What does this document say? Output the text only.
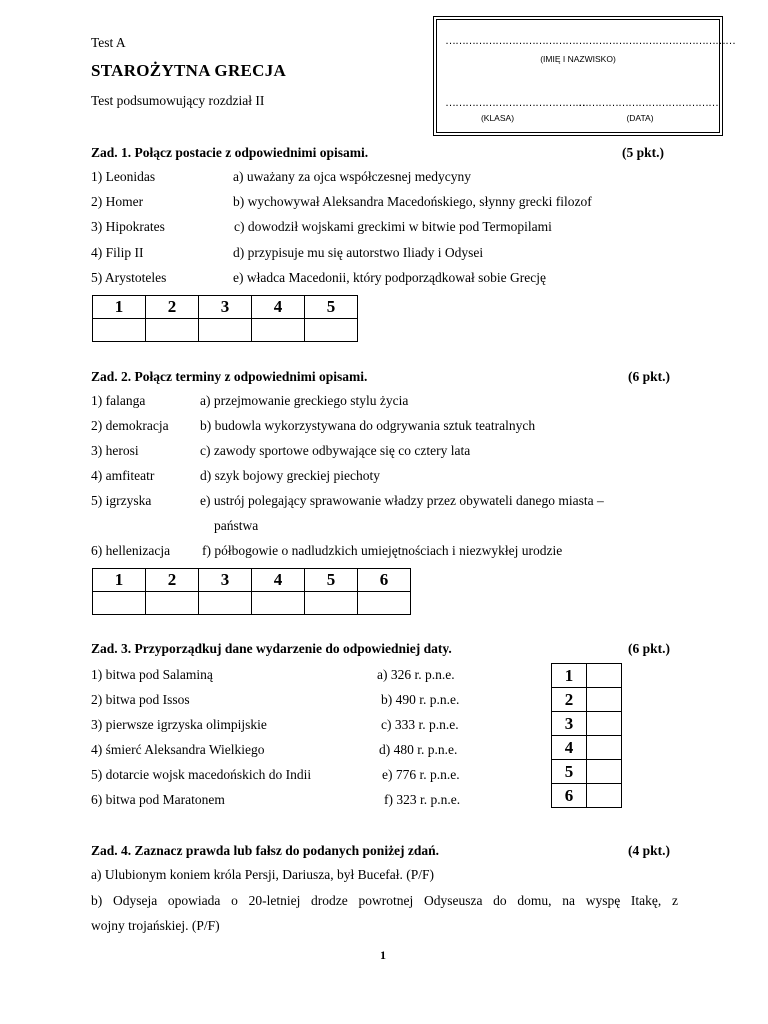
Test A
STAROŻYTNA GRECJA
Test podsumowujący rozdział II
……………………………………………………………………………
(IMIĘ I NAZWISKO)
……………………………………
(KLASA)
……………………………………
(DATA)
Zad. 1. Połącz postacie z odpowiednimi opisami.	(5 pkt.)
1) Leonidas
2) Homer
3) Hipokrates
4) Filip II
5) Arystoteles
a) uważany za ojca współczesnej medycyny
b) wychowywał Aleksandra Macedońskiego, słynny grecki filozof
c) dowodził wojskami greckimi w bitwie pod Termopilami
d) przypisuje mu się autorstwo Iliady i Odysei
e) władca Macedonii, który podporządkował sobie Grecję
1	2	3	4	5

Zad. 2. Połącz terminy z odpowiednimi opisami.	(6 pkt.)
1) falanga
2) demokracja
3) herosi
4) amfiteatr
5) igrzyska
6) hellenizacja
a) przejmowanie greckiego stylu życia
b) budowla wykorzystywana do odgrywania sztuk teatralnych
c) zawody sportowe odbywające się co cztery lata
d) szyk bojowy greckiej piechoty
e) ustrój polegający sprawowanie władzy przez obywateli danego miasta –
państwa
f) półbogowie o nadludzkich umiejętnościach i niezwykłej urodzie
1	2	3	4	5	6

Zad. 3. Przyporządkuj dane wydarzenie do odpowiedniej daty.	(6 pkt.)
1) bitwa pod Salaminą
2) bitwa pod Issos
3) pierwsze igrzyska olimpijskie
4) śmierć Aleksandra Wielkiego
5) dotarcie wojsk macedońskich do Indii
6) bitwa pod Maratonem
a) 326 r. p.n.e.
b) 490 r. p.n.e.
c) 333 r. p.n.e.
d) 480 r. p.n.e.
e) 776 r. p.n.e.
f) 323 r. p.n.e.
1	
2	
3	
4	
5	
6	
Zad. 4. Zaznacz prawda lub fałsz do podanych poniżej zdań.	(4 pkt.)
a) Ulubionym koniem króla Persji, Dariusza, był Bucefał. (P/F)
b) Odyseja opowiada o 20-letniej drodze powrotnej Odyseusza do domu, na wyspę Itakę, z
wojny trojańskiej. (P/F)
1
